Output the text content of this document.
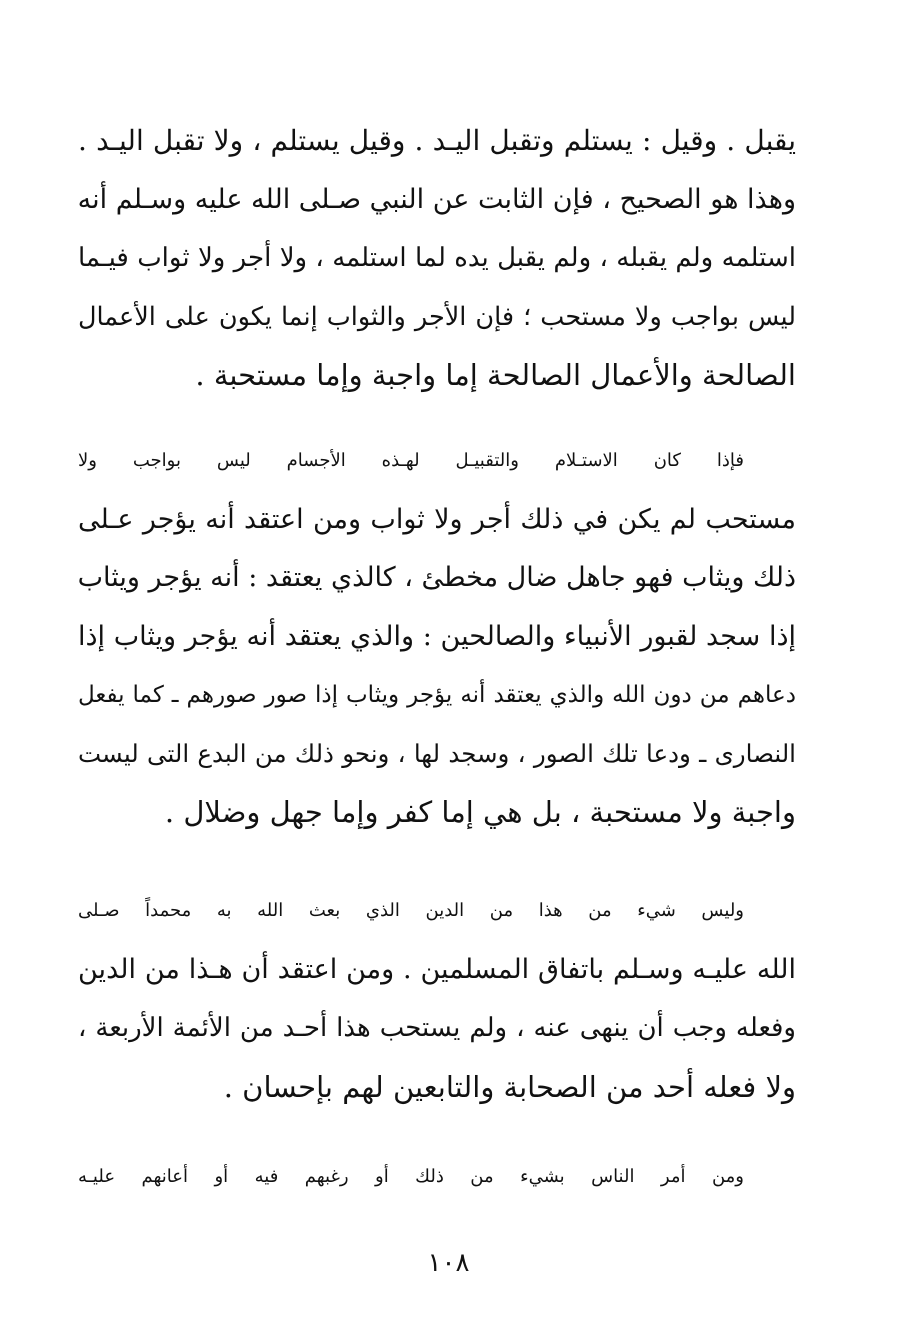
يقبل . وقيل : يستلم وتقبل اليـد . وقيل يستلم ، ولا تقبل اليـد .
وهذا هو الصحيح ، فإن الثابت عن النبي صـلى الله عليه وسـلم أنه
استلمه ولم يقبله ، ولم يقبل يده لما استلمه ، ولا أجر ولا ثواب فيـما
ليس بواجب ولا مستحب ؛ فإن الأجر والثواب إنما يكون على الأعمال
الصالحة والأعمال الصالحة إما واجبة وإما مستحبة .
فإذا كان الاستـلام والتقبيـل لهـذه الأجسام ليس بواجب ولا
مستحب لم يكن في ذلك أجر ولا ثواب ومن اعتقد أنه يؤجر عـلى
ذلك ويثاب فهو جاهل ضال مخطئ ، كالذي يعتقد : أنه يؤجر ويثاب
إذا سجد لقبور الأنبياء والصالحين : والذي يعتقد أنه يؤجر ويثاب إذا
دعاهم من دون الله والذي يعتقد أنه يؤجر ويثاب إذا صور صورهم ـ كما يفعل
النصارى ـ ودعا تلك الصور ، وسجد لها ، ونحو ذلك من البدع التى ليست
واجبة ولا مستحبة ، بل هي إما كفر وإما جهل وضلال .
وليس شيء من هذا من الدين الذي بعث الله به محمداً صـلى
الله عليـه وسـلم باتفاق المسلمين . ومن اعتقد أن هـذا من الدين
وفعله وجب أن ينهى عنه ، ولم يستحب هذا أحـد من الأئمة الأربعة ،
ولا فعله أحد من الصحابة والتابعين لهم بإحسان .
ومن أمر الناس بشيء من ذلك أو رغبهم فيه أو أعانهم عليـه
١٠٨
